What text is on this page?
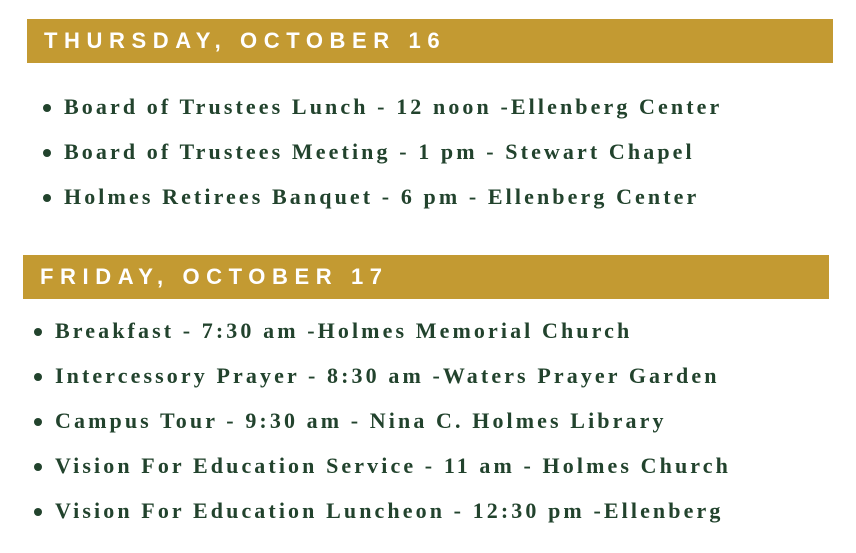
THURSDAY, OCTOBER 16
Board of Trustees Lunch - 12 noon -Ellenberg Center
Board of Trustees Meeting - 1 pm - Stewart Chapel
Holmes Retirees Banquet - 6 pm - Ellenberg Center
FRIDAY, OCTOBER 17
Breakfast - 7:30 am -Holmes Memorial Church
Intercessory Prayer - 8:30 am -Waters Prayer Garden
Campus Tour - 9:30 am - Nina C. Holmes Library
Vision For Education Service - 11 am - Holmes Church
Vision For Education Luncheon - 12:30 pm -Ellenberg
